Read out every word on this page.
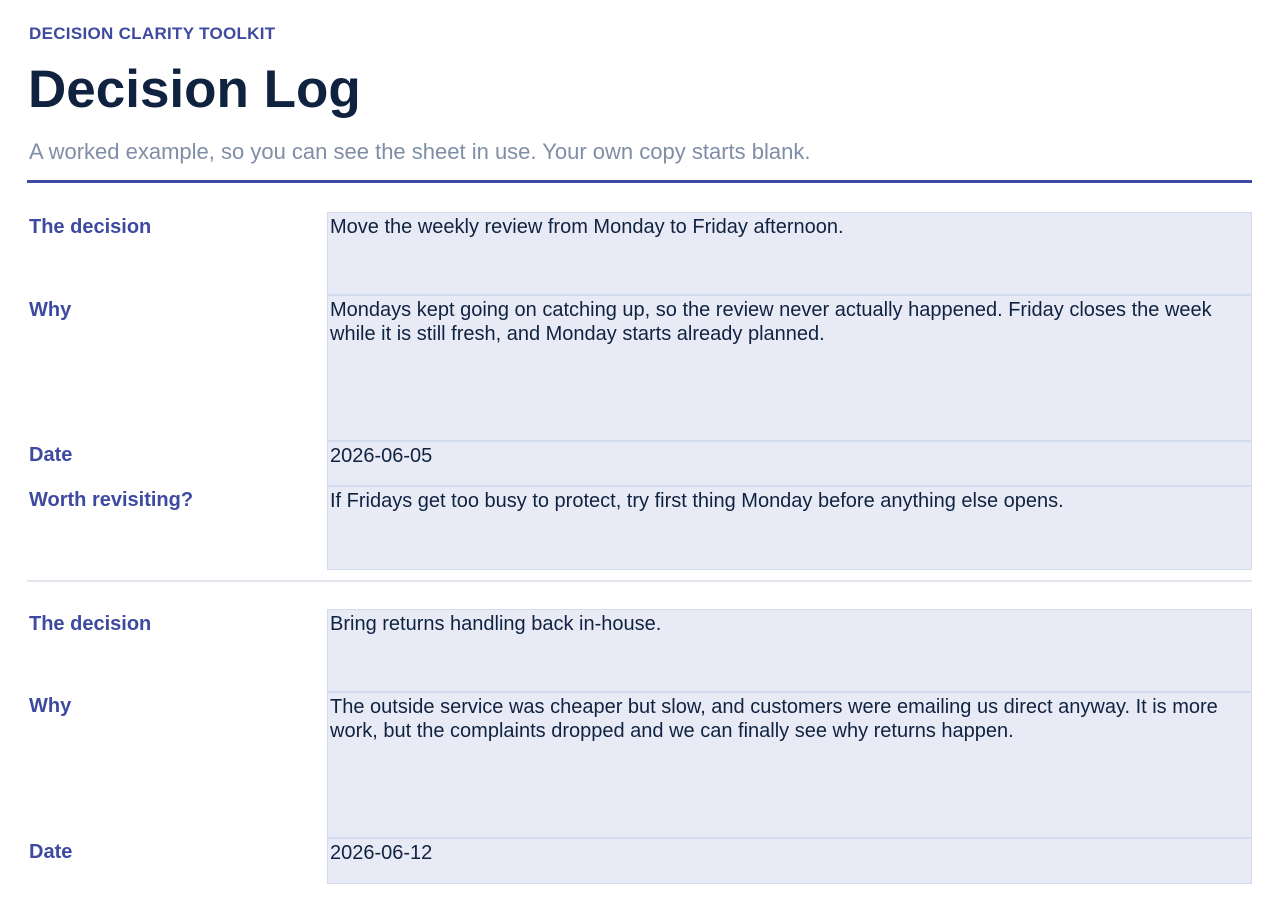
DECISION CLARITY TOOLKIT
Decision Log
A worked example, so you can see the sheet in use. Your own copy starts blank.
The decision	Move the weekly review from Monday to Friday afternoon.
Why	Mondays kept going on catching up, so the review never actually happened. Friday closes the week while it is still fresh, and Monday starts already planned.
Date	2026-06-05
Worth revisiting?	If Fridays get too busy to protect, try first thing Monday before anything else opens.
The decision	Bring returns handling back in-house.
Why	The outside service was cheaper but slow, and customers were emailing us direct anyway. It is more work, but the complaints dropped and we can finally see why returns happen.
Date	2026-06-12
